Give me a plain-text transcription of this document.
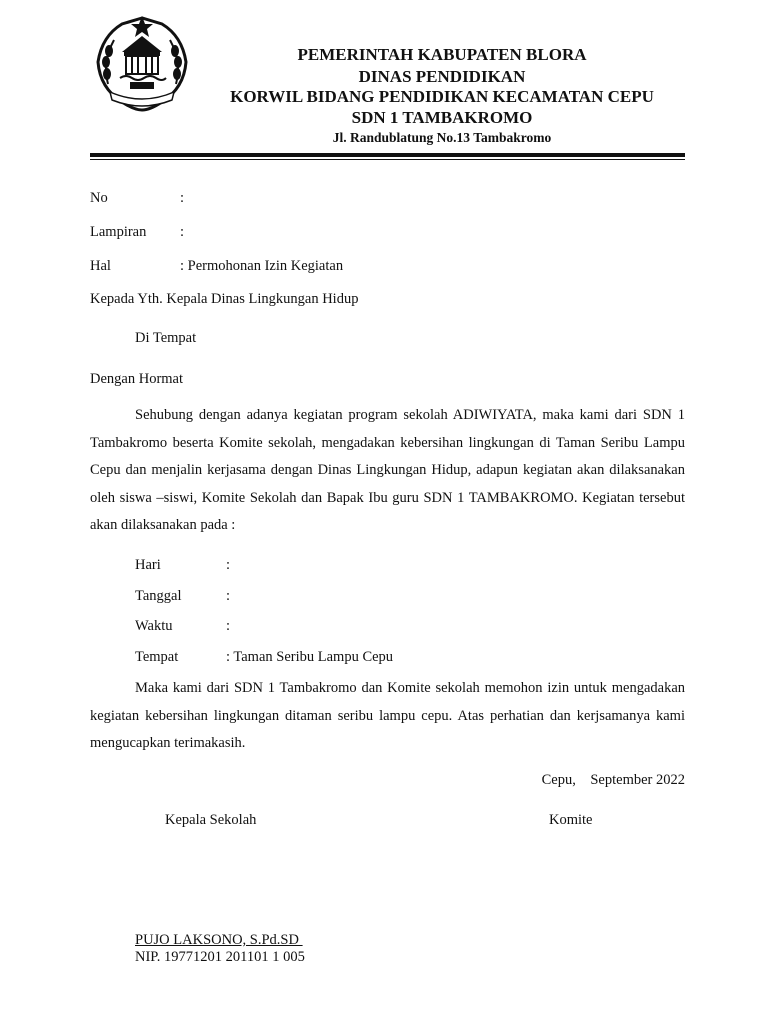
PEMERINTAH KABUPATEN BLORA
DINAS PENDIDIKAN
KORWIL BIDANG PENDIDIKAN KECAMATAN CEPU
SDN 1 TAMBAKROMO
Jl. Randublatung No.13 Tambakromo
No	:
Lampiran :
Hal	: Permohonan Izin Kegiatan
Kepada Yth. Kepala Dinas Lingkungan Hidup
Di Tempat
Dengan Hormat
Sehubung dengan adanya kegiatan program sekolah ADIWIYATA, maka kami dari SDN 1 Tambakromo beserta Komite sekolah, mengadakan kebersihan lingkungan di Taman Seribu Lampu Cepu dan menjalin kerjasama dengan Dinas Lingkungan Hidup, adapun kegiatan akan dilaksanakan oleh siswa –siswi, Komite Sekolah dan Bapak Ibu guru SDN 1 TAMBAKROMO. Kegiatan tersebut akan dilaksanakan pada :
Hari	:
Tanggal	:
Waktu	:
Tempat	: Taman Seribu Lampu Cepu
Maka kami dari SDN 1 Tambakromo dan Komite sekolah memohon izin untuk mengadakan kegiatan kebersihan lingkungan ditaman seribu lampu cepu. Atas perhatian dan kerjsamanya kami mengucapkan terimakasih.
Cepu,    September 2022
Kepala Sekolah	Komite
PUJO LAKSONO, S.Pd.SD
NIP. 19771201 201101 1 005
